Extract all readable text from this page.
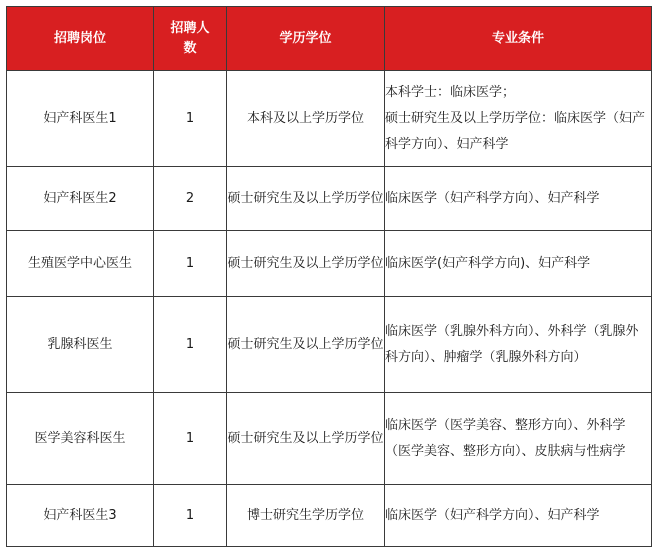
招聘岗位	招聘人数	学历学位	专业条件
妇产科医生1	1	本科及以上学历学位	本科学士：临床医学；
硕士研究生及以上学历学位：临床医学（妇产科学方向）、妇产科学

妇产科医生2	2	硕士研究生及以上学历学位	临床医学（妇产科学方向）、妇产科学

生殖医学中心医生	1	硕士研究生及以上学历学位	临床医学(妇产科学方向)、妇产科学

乳腺科医生	1	硕士研究生及以上学历学位	临床医学（乳腺外科方向）、外科学（乳腺外科方向）、肿瘤学（乳腺外科方向）

医学美容科医生	1	硕士研究生及以上学历学位	临床医学（医学美容、整形方向）、外科学（医学美容、整形方向）、皮肤病与性病学

妇产科医生3	1	博士研究生学历学位	临床医学（妇产科学方向）、妇产科学
